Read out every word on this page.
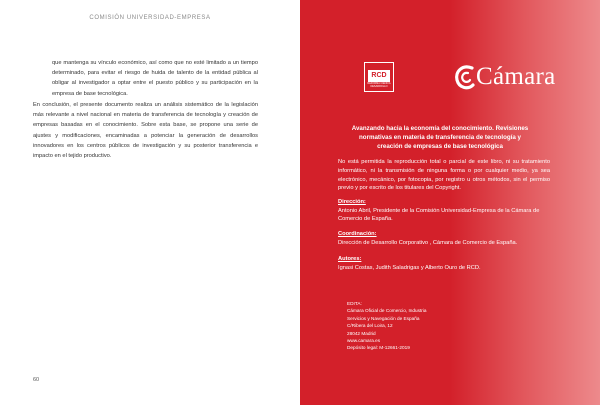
COMISIÓN UNIVERSIDAD-EMPRESA
que mantenga su vínculo económico, así como que no esté limitado a un tiempo determinado, para evitar el riesgo de huida de talento de la entidad pública al obligar al investigador a optar entre el puesto público y su participación en la empresa de base tecnológica.
En conclusión, el presente documento realiza un análisis sistemático de la legislación más relevante a nivel nacional en materia de transferencia de tecnología y creación de empresas basadas en el conocimiento. Sobre esta base, se propone una serie de ajustes y modificaciones, encaminadas a potenciar la generación de desarrollos innovadores en los centros públicos de investigación y su posterior transferencia e impacto en el tejido productivo.
60
RCD
REFORMA CIENCIA DESARROLLO	Cámara
Avanzando hacia la economía del conocimiento. Revisiones normativas en materia de transferencia de tecnología y creación de empresas de base tecnológica
No está permitida la reproducción total o parcial de este libro, ni su tratamiento informático, ni la transmisión de ninguna forma o por cualquier medio, ya sea electrónico, mecánico, por fotocopia, por registro u otros métodos, sin el permiso previo y por escrito de los titulares del Copyright.
Dirección:
Antonio Abril, Presidente de la Comisión Universidad-Empresa de la Cámara de Comercio de España.
Coordinación:
Dirección de Desarrollo Corporativo , Cámara de Comercio de España.
Autores:
Ignasi Costas, Judith Saladrigas y Alberto Ouro de RCD.
EDITA:
Cámara Oficial de Comercio, Industria
Servicios y Navegación de España
C/Ribera del Loira, 12
28042 Madrid
www.camara.es
Depósito legal: M-12661-2019
